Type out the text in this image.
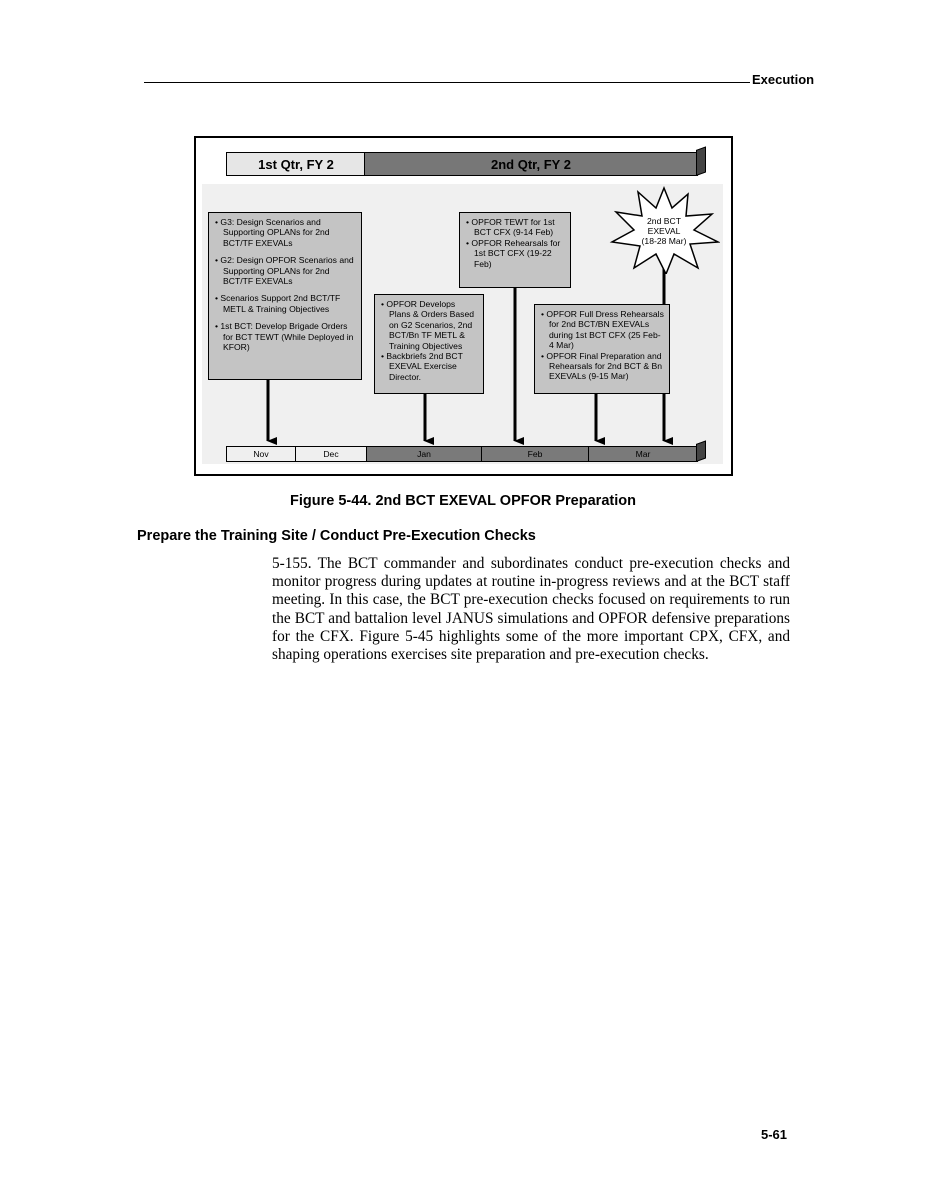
Execution
1st Qtr, FY 2	2nd Qtr, FY 2
• G3: Design Scenarios and Supporting OPLANs for 2nd BCT/TF EXEVALs
• G2: Design OPFOR Scenarios and Supporting OPLANs for 2nd BCT/TF EXEVALs
• Scenarios Support 2nd BCT/TF METL & Training Objectives
• 1st BCT: Develop Brigade Orders for BCT TEWT (While Deployed in KFOR)
• OPFOR Develops Plans & Orders Based on G2 Scenarios, 2nd BCT/Bn TF METL & Training Objectives
• Backbriefs 2nd BCT EXEVAL Exercise Director.
• OPFOR TEWT for 1st BCT CFX (9-14 Feb)
• OPFOR Rehearsals for 1st BCT CFX (19-22 Feb)
• OPFOR Full Dress Rehearsals for 2nd BCT/BN EXEVALs during 1st BCT CFX (25 Feb-4 Mar)
• OPFOR Final Preparation and Rehearsals for 2nd BCT & Bn EXEVALs (9-15 Mar)
2nd BCT
EXEVAL
(18-28 Mar)
Nov	Dec	Jan	Feb	Mar
Figure 5-44. 2nd BCT EXEVAL OPFOR Preparation
Prepare the Training Site / Conduct Pre-Execution Checks
5-155. The BCT commander and subordinates conduct pre-execution checks and monitor progress during updates at routine in-progress reviews and at the BCT staff meeting. In this case, the BCT pre-execution checks focused on requirements to run the BCT and battalion level JANUS simulations and OPFOR defensive preparations for the CFX. Figure 5-45 highlights some of the more important CPX, CFX, and shaping operations exercises site preparation and pre-execution checks.
5-61
